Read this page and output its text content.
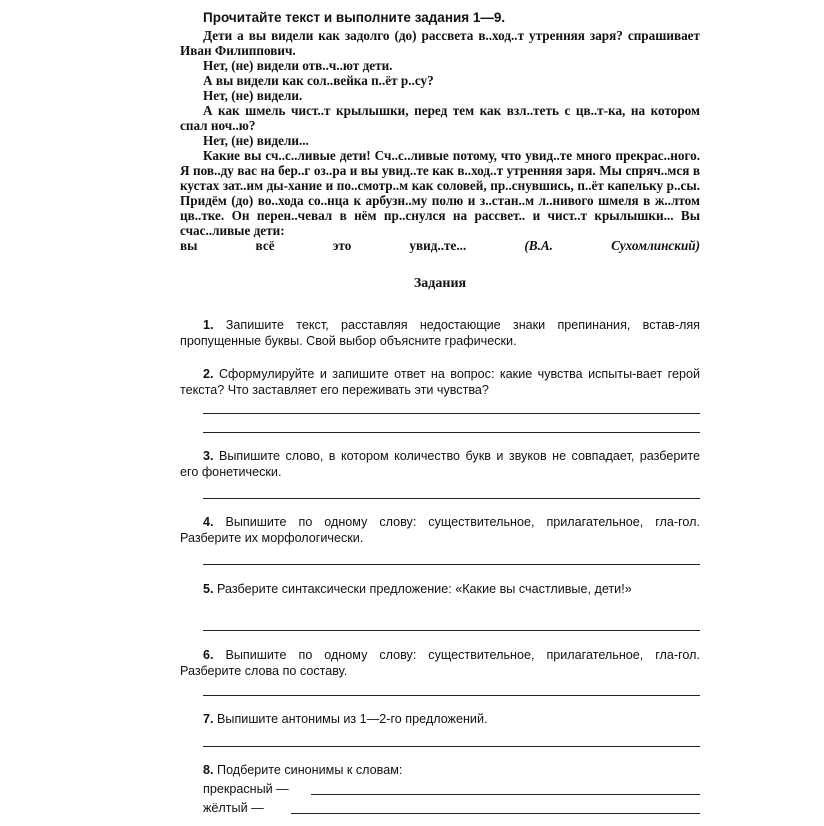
Прочитайте текст и выполните задания 1—9.

Дети а вы видели как задолго (до) рассвета в..ход..т утренняя заря? спрашивает Иван Филиппович.

Нет, (не) видели отв..ч..ют дети.

А вы видели как сол..вейка п..ёт р..су?

Нет, (не) видели.

А как шмель чист..т крылышки, перед тем как взл..теть с цв..т-ка, на котором спал ноч..ю?

Нет, (не) видели...

Какие вы сч..с..ливые дети! Сч..с..ливые потому, что увид..те много прекрас..ного. Я пов..ду вас на бер..г оз..ра и вы увид..те как в..ход..т утренняя заря. Мы спряч..мся в кустах зат..им ды-хание и по..смотр..м как соловей, пр..снувшись, п..ёт капельку р..сы. Придём (до) во..хода со..нца к арбузн..му полю и з..стан..м л..нивого шмеля в ж..лтом цв..тке. Он перен..чевал в нём пр..снулся на рассвет.. и чист..т крылышки... Вы счас..ливые дети:

вы всё это увид..те...	(В.А. Сухомлинский)

Задания

1. Запишите текст, расставляя недостающие знаки препинания, встав-ляя пропущенные буквы. Свой выбор объясните графически.

2. Сформулируйте и запишите ответ на вопрос: какие чувства испыты-вает герой текста? Что заставляет его переживать эти чувства?

3. Выпишите слово, в котором количество букв и звуков не совпадает, разберите его фонетически.

4. Выпишите по одному слову: существительное, прилагательное, гла-гол. Разберите их морфологически.

5. Разберите синтаксически предложение: «Какие вы счастливые, дети!»

6. Выпишите по одному слову: существительное, прилагательное, гла-гол. Разберите слова по составу.

7. Выпишите антонимы из 1—2-го предложений.

8. Подберите синонимы к словам:

прекрасный —
жёлтый —
